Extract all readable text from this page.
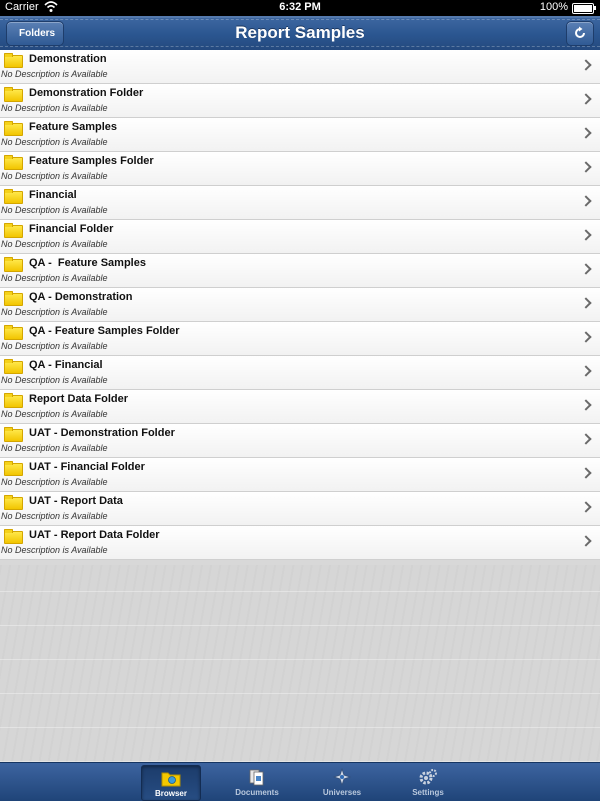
Carrier	6:32 PM	100%
Folders	Report Samples
Demonstration
No Description is Available
Demonstration Folder
No Description is Available
Feature Samples
No Description is Available
Feature Samples Folder
No Description is Available
Financial
No Description is Available
Financial Folder
No Description is Available
QA -  Feature Samples
No Description is Available
QA - Demonstration
No Description is Available
QA - Feature Samples Folder
No Description is Available
QA - Financial
No Description is Available
Report Data Folder
No Description is Available
UAT - Demonstration Folder
No Description is Available
UAT - Financial Folder
No Description is Available
UAT - Report Data
No Description is Available
UAT - Report Data Folder
No Description is Available
Browser	Documents	Universes	Settings
